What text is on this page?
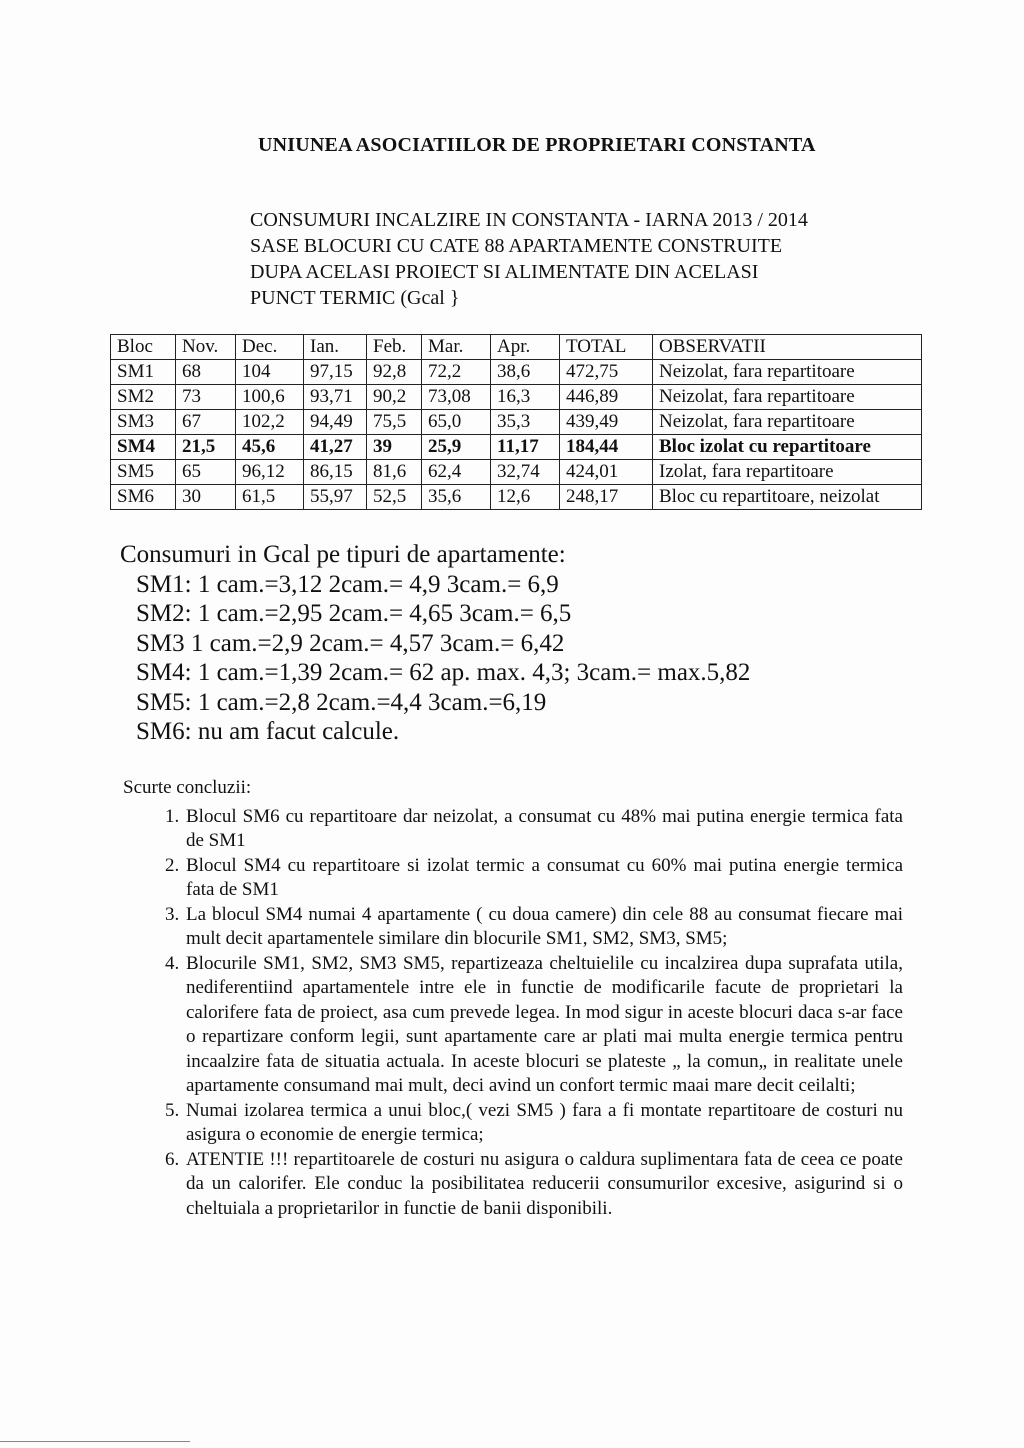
UNIUNEA ASOCIATIILOR DE PROPRIETARI CONSTANTA
CONSUMURI INCALZIRE IN CONSTANTA - IARNA 2013 / 2014
SASE BLOCURI CU CATE 88 APARTAMENTE CONSTRUITE
DUPA ACELASI PROIECT SI ALIMENTATE DIN ACELASI
PUNCT TERMIC (Gcal }
Bloc	Nov.	Dec.	Ian.	Feb.	Mar.	Apr.	TOTAL	OBSERVATII
SM1	68	104	97,15	92,8	72,2	38,6	472,75	Neizolat, fara repartitoare
SM2	73	100,6	93,71	90,2	73,08	16,3	446,89	Neizolat, fara repartitoare
SM3	67	102,2	94,49	75,5	65,0	35,3	439,49	Neizolat, fara repartitoare
SM4	21,5	45,6	41,27	39	25,9	11,17	184,44	Bloc izolat cu repartitoare
SM5	65	96,12	86,15	81,6	62,4	32,74	424,01	Izolat, fara repartitoare
SM6	30	61,5	55,97	52,5	35,6	12,6	248,17	Bloc cu repartitoare, neizolat
Consumuri in Gcal pe tipuri de apartamente:
SM1: 1 cam.=3,12 2cam.= 4,9 3cam.= 6,9
SM2: 1 cam.=2,95 2cam.= 4,65 3cam.= 6,5
SM3 1 cam.=2,9 2cam.= 4,57 3cam.= 6,42
SM4: 1 cam.=1,39 2cam.= 62 ap. max. 4,3; 3cam.= max.5,82
SM5: 1 cam.=2,8 2cam.=4,4 3cam.=6,19
SM6: nu am facut calcule.
Scurte concluzii:
1. Blocul SM6 cu repartitoare dar neizolat, a consumat cu 48% mai putina energie termica fata de SM1
2. Blocul SM4 cu repartitoare si izolat termic a consumat cu 60% mai putina energie termica fata de SM1
3. La blocul SM4 numai 4 apartamente ( cu doua camere) din cele 88 au consumat fiecare mai mult decit apartamentele similare din blocurile SM1, SM2, SM3, SM5;
4. Blocurile SM1, SM2, SM3 SM5, repartizeaza cheltuielile cu incalzirea dupa suprafata utila, nediferentiind apartamentele intre ele in functie de modificarile facute de proprietari la calorifere fata de proiect, asa cum prevede legea. In mod sigur in aceste blocuri daca s-ar face o repartizare conform legii, sunt apartamente care ar plati mai multa energie termica pentru incaalzire fata de situatia actuala. In aceste blocuri se plateste „ la comun„ in realitate unele apartamente consumand mai mult, deci avind un confort termic maai mare decit ceilalti;
5. Numai izolarea termica a unui bloc,( vezi SM5 ) fara a fi montate repartitoare de costuri nu asigura o economie de energie termica;
6. ATENTIE !!! repartitoarele de costuri nu asigura o caldura suplimentara fata de ceea ce poate da un calorifer. Ele conduc la posibilitatea reducerii consumurilor excesive, asigurind si o cheltuiala a proprietarilor in functie de banii disponibili.
